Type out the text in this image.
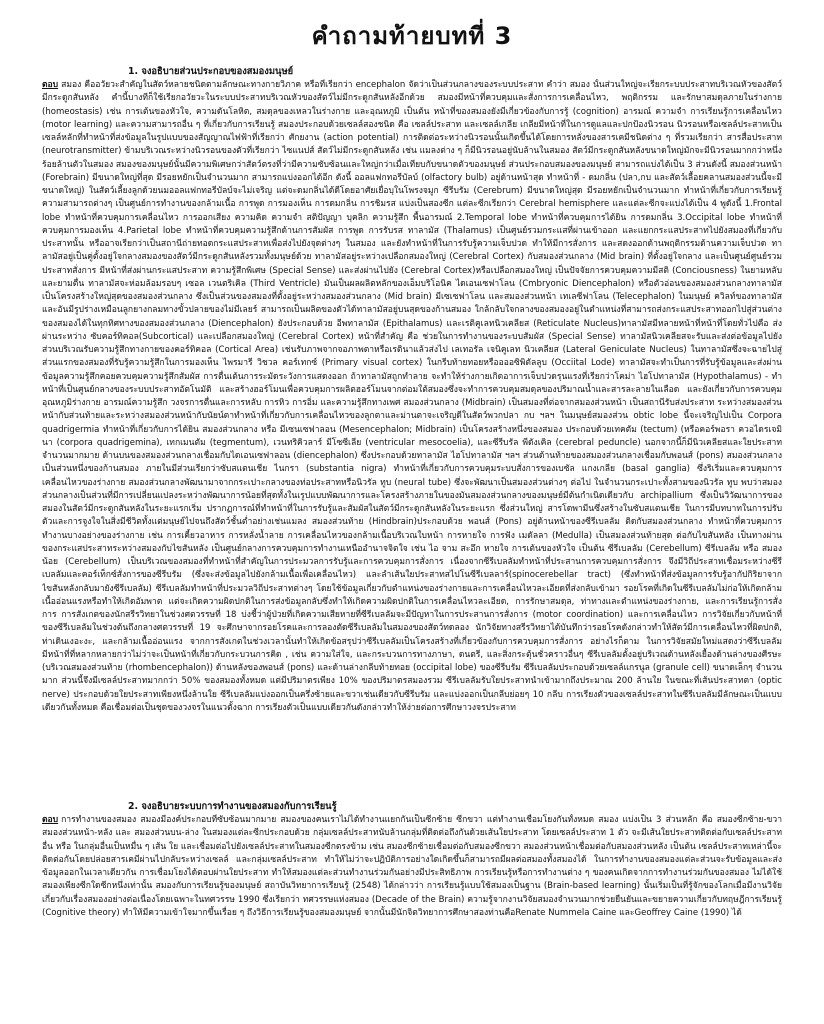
คำถามท้ายบทที่ 3
1. จงอธิบายส่วนประกอบของสมองมนุษย์

ตอบ สมอง คืออวัยวะสำคัญในสัตว์หลายชนิดตามลักษณะทางกายวิภาค หรือที่เรียกว่า encephalon จัดว่าเป็นส่วนกลางของระบบประสาท คำว่า สมอง นั้นส่วนใหญ่จะเรียกระบบประสาทบริเวณหัวของสัตว์มีกระดูกสันหลัง คำนี้บางทีก็ใช้เรียกอวัยวะในระบบประสาทบริเวณหัวของสัตว์ไม่มีกระดูกสันหลังอีกด้วย สมองมีหน้าที่ควบคุมและสั่งการการเคลื่อนไหว, พฤติกรรม และรักษาสมดุลภายในร่างกาย (homeostasis) เช่น การเต้นของหัวใจ, ความดันโลหิต, สมดุลของเหลวในร่างกาย และอุณหภูมิ เป็นต้น หน้าที่ของสมองยังมีเกี่ยวข้องกับการรู้ (cognition) อารมณ์ ความจำ การเรียนรู้การเคลื่อนไหว (motor learning) และความสามารถอื่น ๆ ที่เกี่ยวกับการเรียนรู้ สมองประกอบด้วยเซลล์สองชนิด คือ เซลล์ประสาท และเซลล์เกลีย เกลียมีหน้าที่ในการดูแลและปกป้องนิวรอน นิวรอนหรือเซลล์ประสาทเป็นเซลล์หลักที่ทำหน้าที่ส่งข้อมูลในรูปแบบของสัญญาณไฟฟ้าที่เรียกว่า ศักยงาน (action potential) การติดต่อระหว่างนิวรอนนั้นเกิดขึ้นได้โดยการหลั่งของสารเคมีชนิดต่าง ๆ ที่รวมเรียกว่า สารสื่อประสาท (neurotransmitter) ข้ามบริเวณระหว่างนิวรอนของตัวที่เรียกว่า ไซแนปส์ สัตว์ไม่มีกระดูกสันหลัง เช่น แมลงต่าง ๆ ก็มีนิวรอนอยู่นับล้านในสมอง สัตว์มีกระดูกสันหลังขนาดใหญ่มักจะมีนิวรอนมากกว่าหนึ่งร้อยล้านตัวในสมอง สมองของมนุษย์นั้นมีความพิเศษกว่าสัตว์ตรงที่ว่ามีความซับซ้อนและใหญ่กว่าเมื่อเทียบกับขนาดตัวของมนุษย์ ส่วนประกอบสมองของมนุษย์ สามารถแบ่งได้เป็น 3 ส่วนดังนี้ สมองส่วนหน้า (Forebrain) มีขนาดใหญ่ที่สุด มีรอยหยักเป็นจำนวนมาก สามารถแบ่งออกได้อีก ดังนี้ ออลแฟกทอรีบัลบ์ (olfactory bulb) อยู่ด้านหน้าสุด ทำหน้าที่ - ดมกลิ่น (ปลา,กบ และสัตว์เลื้อยคลานสมองส่วนนี้จะมีขนาดใหญ่) ในสัตว์เลี้ยงลูกด้วยนมออลแฟกทอรีบัลบ์จะไม่เจริญ แต่จะดมกลิ่นได้ดีโดยอาศัยเยื่อบุในโพรงจมูก ซีรีบรัม (Cerebrum) มีขนาดใหญ่สุด มีรอยหยักเป็นจำนวนมาก ทำหน้าที่เกี่ยวกับการเรียนรู้ ความสามารถต่างๆ เป็นศูนย์การทำงานของกล้ามเนื้อ การพูด การมองเห็น การดมกลิ่น การชิมรส แบ่งเป็นสองซีก แต่ละซีกเรียกว่า Cerebral hemisphere และแต่ละซีกจะแบ่งได้เป็น 4 พูดังนี้ 1.Frontal lobe ทำหน้าที่ควบคุมการเคลื่อนไหว การออกเสียง ความคิด ความจำ สติปัญญา บุคลิก ความรู้สึก พื้นอารมณ์ 2.Temporal lobe ทำหน้าที่ควบคุมการได้ยิน การดมกลิ่น 3.Occipital lobe ทำหน้าที่ควบคุมการมองเห็น 4.Parietal lobe ทำหน้าที่ควบคุมความรู้สึกด้านการสัมผัส การพูด การรับรส ทาลามัส (Thalamus) เป็นศูนย์รวมกระแสที่ผ่านเข้าออก และแยกกระแสประสาทไปยังสมองที่เกี่ยวกับประสาทนั้น หรืออาจเรียกว่าเป็นสถานีถ่ายทอดกระแสประสาทเพื่อส่งไปยังจุดต่างๆ ในสมอง และยังทำหน้าที่ในการรับรู้ความเจ็บปวด ทำให้มีการสั่งการ และสดงออกด้านพฤติกรรมด้านความเจ็บปวด ทาลามัสอยู่เป็นคู่ตั้งอยู่ใจกลางสมองของสัตว์มีกระดูกสันหลังรวมทั้งมนุษย์ด้วย ทาลามัสอยู่ระหว่างเปลือกสมองใหญ่ (Cerebral Cortex) กับสมองส่วนกลาง (Mid brain) ที่ตั้งอยู่ใจกลาง และเป็นศูนย์ศูนย์รวมประสาทสั่งการ มีหน้าที่ส่งผ่านกระแสประสาท ความรู้สึกพิเศษ (Special Sense) และส่งผ่านไปยัง (Cerebral Cortex)หรือเปลือกสมองใหญ่ เป็นปัจจัยการควบคุมความมีสติ (Conciousness) ในยามหลับและยามตื่น ทาลามัสจะห่อมล้อมรอบๆ เซอล เวนตริเคิล (Third Ventricle) มันเป็นผลผลิตหลักของเอ็มบริโอนิค ไดเอนเซฟาโลน (Cmbryonic Diencephalon) หรือตัวอ่อนของสมองส่วนกลางทาลามัสเป็นโครงสร้างใหญ่สุดของสมองส่วนกลาง ซึ่งเป็นส่วนของสมองที่ตั้งอยู่ระหว่างสมองส่วนกลาง (Mid brain) มีเซเซฟาโลน และสมองส่วนหน้า เทเลซีฟาโลน (Telecephalon) ในมนุษย์ ควิลท์ของทาลามัสและอันมีรูปร่างเหมือนลูกยางกลมทางขั้วปลายของไม่มีเลยร์ สามารถเป็นผลิตของตัวได้ทาลามัสอยู่บนสุดของก้านสมอง ใกล้กลับใจกลางของสมองอยู่ในตำแหน่งที่สามารถส่งกระแสประสาทออกไปสู่ส่วนต่างของสมองได้ในทุกทิศทางของสมองส่วนกลาง (Diencephalon) ยังประกอบด้วย อีพทาลามัส (Epithalamus) และเรติคูเลทนิวเคลียส (Reticulate Nucleus)ทาลามัสมีหลายหน้าที่หน้าที่โดยทั่วไปคือ ส่งผ่านระหว่าง ซับคอร์ทิคอล(Subcortical) และเปลือกสมองใหญ่ (Cerebral Cortex) หน้าที่สำคัญ คือ ช่วยในการทำงานของระบบสัมผัส (Special Sense) ทาลามัสนิวเคลียสจะรับและส่งต่อข้อมูลไปยังส่วนบริเวณรับความรู้สึกทางกายของคอร์ทิคอล (Cortical Area) เช่นรับภาพจากจอภาพตาหรือเรตินาแล้วส่งไป เลเทอรัล เจนิคูเลท นิวเคลียส (Lateral Geniculate Nucleus) ในทาลามัสซึ่งจะฉายไปสู่ส่วนแรกของสมองที่รับรู้ความรู้สึกในการมองเห็น ไพรมารี วิชวล คอร์เทกซ์ (Primary visual cortex) ในกรีบท้ายทอยหรืออออซิพิตัลลูบ (Occiital Lode) ทาลามัสจะทำเป็นการที่รับรู้ข้อมูลและส่งผ่านข้อมูลความรู้สึกคอยควบคุมความรู้สึกสัมผัส การตื่นเต้นการระมัดระวังการแสดงออก ถ้าทาลามัสถูกทำลาย จะทำให้ร่างกายเกิดอาการเจ็บปวดรุนแรงที่เรียกว่าโคม่า ไฮโปทาลามัส (Hypothalamus) - ทำหน้าที่เป็นศูนย์กลางของระบบประสาทอัตโนมัติ และสร้างฮอร์โมนเพื่อควบคุมการผลิตฮอร์โมนจากต่อมใต้สมองซึ่งจะทำการควบคุมสมดุลของปริมาณน้ำและสารละลายในเลือด และยังเกี่ยวกับการควบคุมอุณหภูมิร่างกาย อารมณ์ความรู้สึก วงจรการตื่นและการหลับ การหิว การอิ่ม และความรู้สึกทางเพศ สมองส่วนกลาง (Midbrain) เป็นสมองที่ต่อจากสมองส่วนหน้า เป็นสถานีรับส่งประสาท ระหว่างสมองส่วนหน้ากับส่วนท้ายและระหว่างสมองส่วนหน้ากับนัยน์ตาทำหน้าที่เกี่ยวกับการเคลื่อนไหวของลูกตาและม่านตาจะเจริญดีในสัตว์พวกปลา กบ ฯลฯ ในมนุษย์สมองส่วน obtic lobe นี้จะเจริญไปเป็น Corpora quadrigermia ทำหน้าที่เกี่ยวกับการได้ยิน สมองส่วนกลาง หรือ มีเซนเซฟาลอน (Mesencephalon; Midbrain) เป็นโครงสร้างหนึ่งของสมอง ประกอบด้วยเทคตัม (tectum) (หรือคอร์พอรา ควอไดรเจมินา (corpora quadrigemina), เทกเมนตัม (tegmentum), เวนทริคิวลาร์ มีโซซีเลีย (ventricular mesocoelia), และซีรีบรัล พีดังเคิล (cerebral peduncle) นอกจากนี้ก็มีนิวเคลียสและใยประสาทจำนวนมากมาย ด้านบนของสมองส่วนกลางเชื่อมกับไดเอนเซฟาลอน (diencephalon) ซึ่งประกอบด้วยทาลามัส ไฮโปทาลามัส ฯลฯ ส่วนด้านท้ายของสมองส่วนกลางเชื่อมกับพอนส์ (pons) สมองส่วนกลางเป็นส่วนหนึ่งของก้านสมอง ภายในมีส่วนเรียกว่าซับสแตนเชีย ไนกรา (substantia nigra) ทำหน้าที่เกี่ยวกับการควบคุมระบบสั่งการของเบซัล แกงเกลีย (basal ganglia) ซึ่งริเริ่มและควบคุมการเคลื่อนไหวของร่างกาย สมองส่วนกลางพัฒนามาจากกระเปาะกลางของท่อประสาทหรือนิวรัล ทูบ (neural tube) ซึ่งจะพัฒนาเป็นสมองส่วนต่างๆ ต่อไป ในจำนวนกระเปาะทั้งสามของนิวรัล ทูบ พบว่าสมองส่วนกลางเป็นส่วนที่มีการเปลี่ยนแปลงระหว่างพัฒนาการน้อยที่สุดทั้งในเรูปแบบพัฒนาการและโครงสร้างภายในของมันสมองส่วนกลางของมนุษย์มีต้นกำเนิดเดียวกับ archipallium ซึ่งเป็นวิวัฒนาการของสมองในสัตว์มีกระดูกสันหลังในระยะแรกเริ่ม ปรากฏการณ์ที่ทำหน้าที่ในการรับรู้และสัมผัสในสัตว์มีกระดูกสันหลังในระยะแรก ซึ่งส่วนใหญ่ สารโดพามีนซึ่งสร้างในซับสแตนเชีย ในการมีบทบาทในการปรับตัวและการจูงใจในสิ่งมีชีวิตทั้งแต่มนุษย์ไปจนถึงสัตว์ชั้นต่ำอย่างเช่นแมลง สมองส่วนท้าย (Hindbrain)ประกอบด้วย พอนส์ (Pons) อยู่ด้านหน้าของซีรีเบลลัม ติดกับสมองส่วนกลาง ทำหน้าที่ควบคุมการทำงานบางอย่างของร่างกาย เช่น การเคี้ยวอาหาร การหลั่งน้ำลาย การเคลื่อนไหวของกล้ามเนื้อบริเวณใบหน้า การหายใจ การฟัง เมดัลลา (Medulla) เป็นสมองส่วนท้ายสุด ต่อกับไขสันหลัง เป็นทางผ่านของกระแสประสาทระหว่างสมองกับไขสันหลัง เป็นศูนย์กลางการควบคุมการทำงานเหนืออำนาจจิตใจ เช่น ไอ จาม สะอึก หายใจ การเต้นของหัวใจ เป็นต้น ซีรีเบลลัม (Cerebellum) ซีรีเบลลัม หรือ สมองน้อย (Cerebellum) เป็นบริเวณของสมองที่ทำหน้าที่สำคัญในการประมวลการรับรู้และการควบคุมการสั่งการ เนื่องจากซีรีเบลลัมทำหน้าที่ประสานการควบคุมการสั่งการ จึงมีวิถีประสาทเชื่อมระหว่างซีรีเบลลัมและคอร์เท็กซ์สั่งการของซีรีบรัม (ซึ่งจะส่งข้อมูลไปยังกล้ามเนื้อเพื่อเคลื่อนไหว) และลำเส้นใยประสาทสไปโนซีรีเบลลาร์(spinocerebellar tract) (ซึ่งทำหน้าที่ส่งข้อมูลการรับรู้อากัปกิริยาจากไขสันหลังกลับมายังซีรีเบลลัม) ซีรีเบลลัมทำหน้าที่ประมวลวิถีประสาทต่างๆ โดยใช้ข้อมูลเกี่ยวกับตำแหน่งของร่างกายและการเคลื่อนไหวละเอียดที่ส่งกลับเข้ามา รอยโรคที่เกิดในซีรีเบลลัมไม่ก่อให้เกิดกล้ามเนื้ออ่อนแรงหรือทำให้เกิดอัมพาต แต่จะเกิดความผิดปกติในการส่งข้อมูลกลับซึ่งทำให้เกิดความผิดปกติในการเคลื่อนไหวละเอียด, การรักษาสมดุล, ท่าทางและตำแหน่งของร่างกาย, และการเรียนรู้การสั่งการ การสังเกตของนักสรีรวิทยาในช่วงศตวรรษที่ 18 บ่งชี้ว่าผู้ป่วยที่เกิดความเสียหายที่ซีรีเบลลัมจะมีปัญหาในการประสานการสั่งการ (motor coordination) และการเคลื่อนไหว การวิจัยเกี่ยวกับหน้าที่ของซีรีเบลลัมในช่วงต้นถึงกลางศตวรรษที่ 19 จะศึกษาจากรอยโรคและการลองตัดซีรีเบลลัมในสมองของสัตว์ทดลอง นักวิจัยทางสรีรวิทยาได้บันทึกว่ารอยโรคดังกล่าวทำให้สัตว์มีการเคลื่อนไหวที่ผิดปกติ, ท่าเดินเงอะงะ, และกล้ามเนื้ออ่อนแรง จากการสังเกตในช่วงเวลานั้นทำให้เกิดข้อสรุปว่าซีรีเบลลัมเป็นโครงสร้างที่เกี่ยวข้องกับการควบคุมการสั่งการ อย่างไรก็ตาม ในการวิจัยสมัยใหม่แสดงว่าซีรีเบลลัมมีหน้าที่ที่หลากหลายกว่าไม่ว่าจะเป็นหน้าที่เกี่ยวกับกระบวนการคิด , เช่น ความใส่ใจ, และกระบวนการทางภาษา, ดนตรี, และสิ่งกระตุ้นชั่วคราวอื่นๆ ซีรีเบลลัมตั้งอยู่บริเวณด้านหลังเยื้องด้านล่างของศีรษะ (บริเวณสมองส่วนท้าย (rhombencephalon)) ด้านหลังของพอนส์ (pons) และด้านล่างกลีบท้ายทอย (occipital lobe) ของซีรีบรัม ซีรีเบลลัมประกอบด้วยเซลล์แกรนูล (granule cell) ขนาดเล็กๆ จำนวนมาก ส่วนนี้จึงมีเซลล์ประสาทมากกว่า 50% ของสมองทั้งหมด แต่มีปริมาตรเพียง 10% ของปริมาตรสมองรวม ซีรีเบลลัมรับใยประสาทนำเข้ามากถึงประมาณ 200 ล้านใย ในขณะที่เส้นประสาทตา (optic nerve) ประกอบด้วยใยประสาทเพียงหนึ่งล้านใย ซีรีเบลลัมแบ่งออกเป็นครึ่งซ้ายและขวาเช่นเดียวกับซีรีบรัม และแบ่งออกเป็นกลีบย่อยๆ 10 กลีบ การเรียงตัวของเซลล์ประสาทในซีรีเบลลัมมีลักษณะเป็นแบบเดียวกันทั้งหมด คือเชื่อมต่อเป็นชุดของวงจรในแนวตั้งฉาก การเรียงตัวเป็นแบบเดียวกันดังกล่าวทำให้ง่ายต่อการศึกษาวงจรประสาท

2. จงอธิบายระบบการทำงานของสมองกับการเรียนรู้

ตอบ การทำงานของสมอง สมองมีองค์ประกอบที่ซับซ้อนมากมาย สมองของคนเราไม่ได้ทำงานแยกกันเป็นซีกซ้าย ซีกขวา แต่ทำงานเชื่อมโยงกันทั้งหมด สมอง แบ่งเป็น 3 ส่วนหลัก คือ สมองซีกซ้าย-ขวา สมองส่วนหน้า-หลัง และ สมองส่วนบน-ล่าง ในสมองแต่ละซีกประกอบด้วย กลุ่มเซลล์ประสาทนับล้านกลุ่มที่ติดต่อถึงกันด้วยเส้นใยประสาท โดยเซลล์ประสาท 1 ตัว จะมีเส้นใยประสาทติดต่อกับเซลล์ประสาทอื่น หรือ ในกลุ่มอื่นเป็นหมื่น ๆ เส้น ใย และเชื่อมต่อไปยังเซลล์ประสาทในสมองซีกตรงข้าม เช่น สมองซีกซ้ายเชื่อมต่อกับสมองซีกขวา สมองส่วนหน้าเชื่อมต่อกับสมองส่วนหลัง เป็นต้น เซลล์ประสาทเหล่านี้จะติดต่อกันโดยปล่อยสารเคมีผ่านไปกลับระหว่างเซลล์ และกลุ่มเซลล์ประสาท ทำให้ไม่ว่าจะปฏิบัติการอย่างใดเกิดขึ้นก็สามารถมีผลต่อสมองทั้งสมองได้ ในการทำงานของสมองแต่ละส่วนจะรับข้อมูลและส่งข้อมูลออกในเวลาเดียวกัน การเชื่อมโยงได้ตอบผ่านใยประสาท ทำให้สมองแต่ละส่วนทำงานร่วมกันอย่างมีประสิทธิภาพ การเรียนรู้หรือการทำงานต่าง ๆ ของคนเกิดจากการทำงานร่วมกันของสมอง ไม่ได้ใช้สมองเพียงซีกใดซีกหนึ่งเท่านั้น สมองกับการเรียนรู้ของมนุษย์ สถาบันวิทยาการเรียนรู้ (2548) ได้กล่าวว่า การเรียนรู้แบบใช้สมองเป็นฐาน (Brain-based learning) นั้นเริ่มเป็นที่รู้จักของโลกเมื่อมีงานวิจัยเกี่ยวกับเรื่องสมองอย่างต่อเนื่องโดยเฉพาะในทศวรรษ 1990 ซึ่งเรียกว่า ทศวรรษแห่งสมอง (Decade of the Brain) ความรู้จากงานวิจัยสมองจำนวนมากช่วยยืนยันและขยายความเกี่ยวกับทฤษฎีการเรียนรู้ (Cognitive theory) ทำให้มีความเข้าใจมากขึ้นเรื่อย ๆ ถึงวิธีการเรียนรู้ของสมองมนุษย์ จากนั้นมีนักจิตวิทยาการศึกษาสองท่านคือRenate Nummela Caine และGeoffrey Caine (1990) ได้
